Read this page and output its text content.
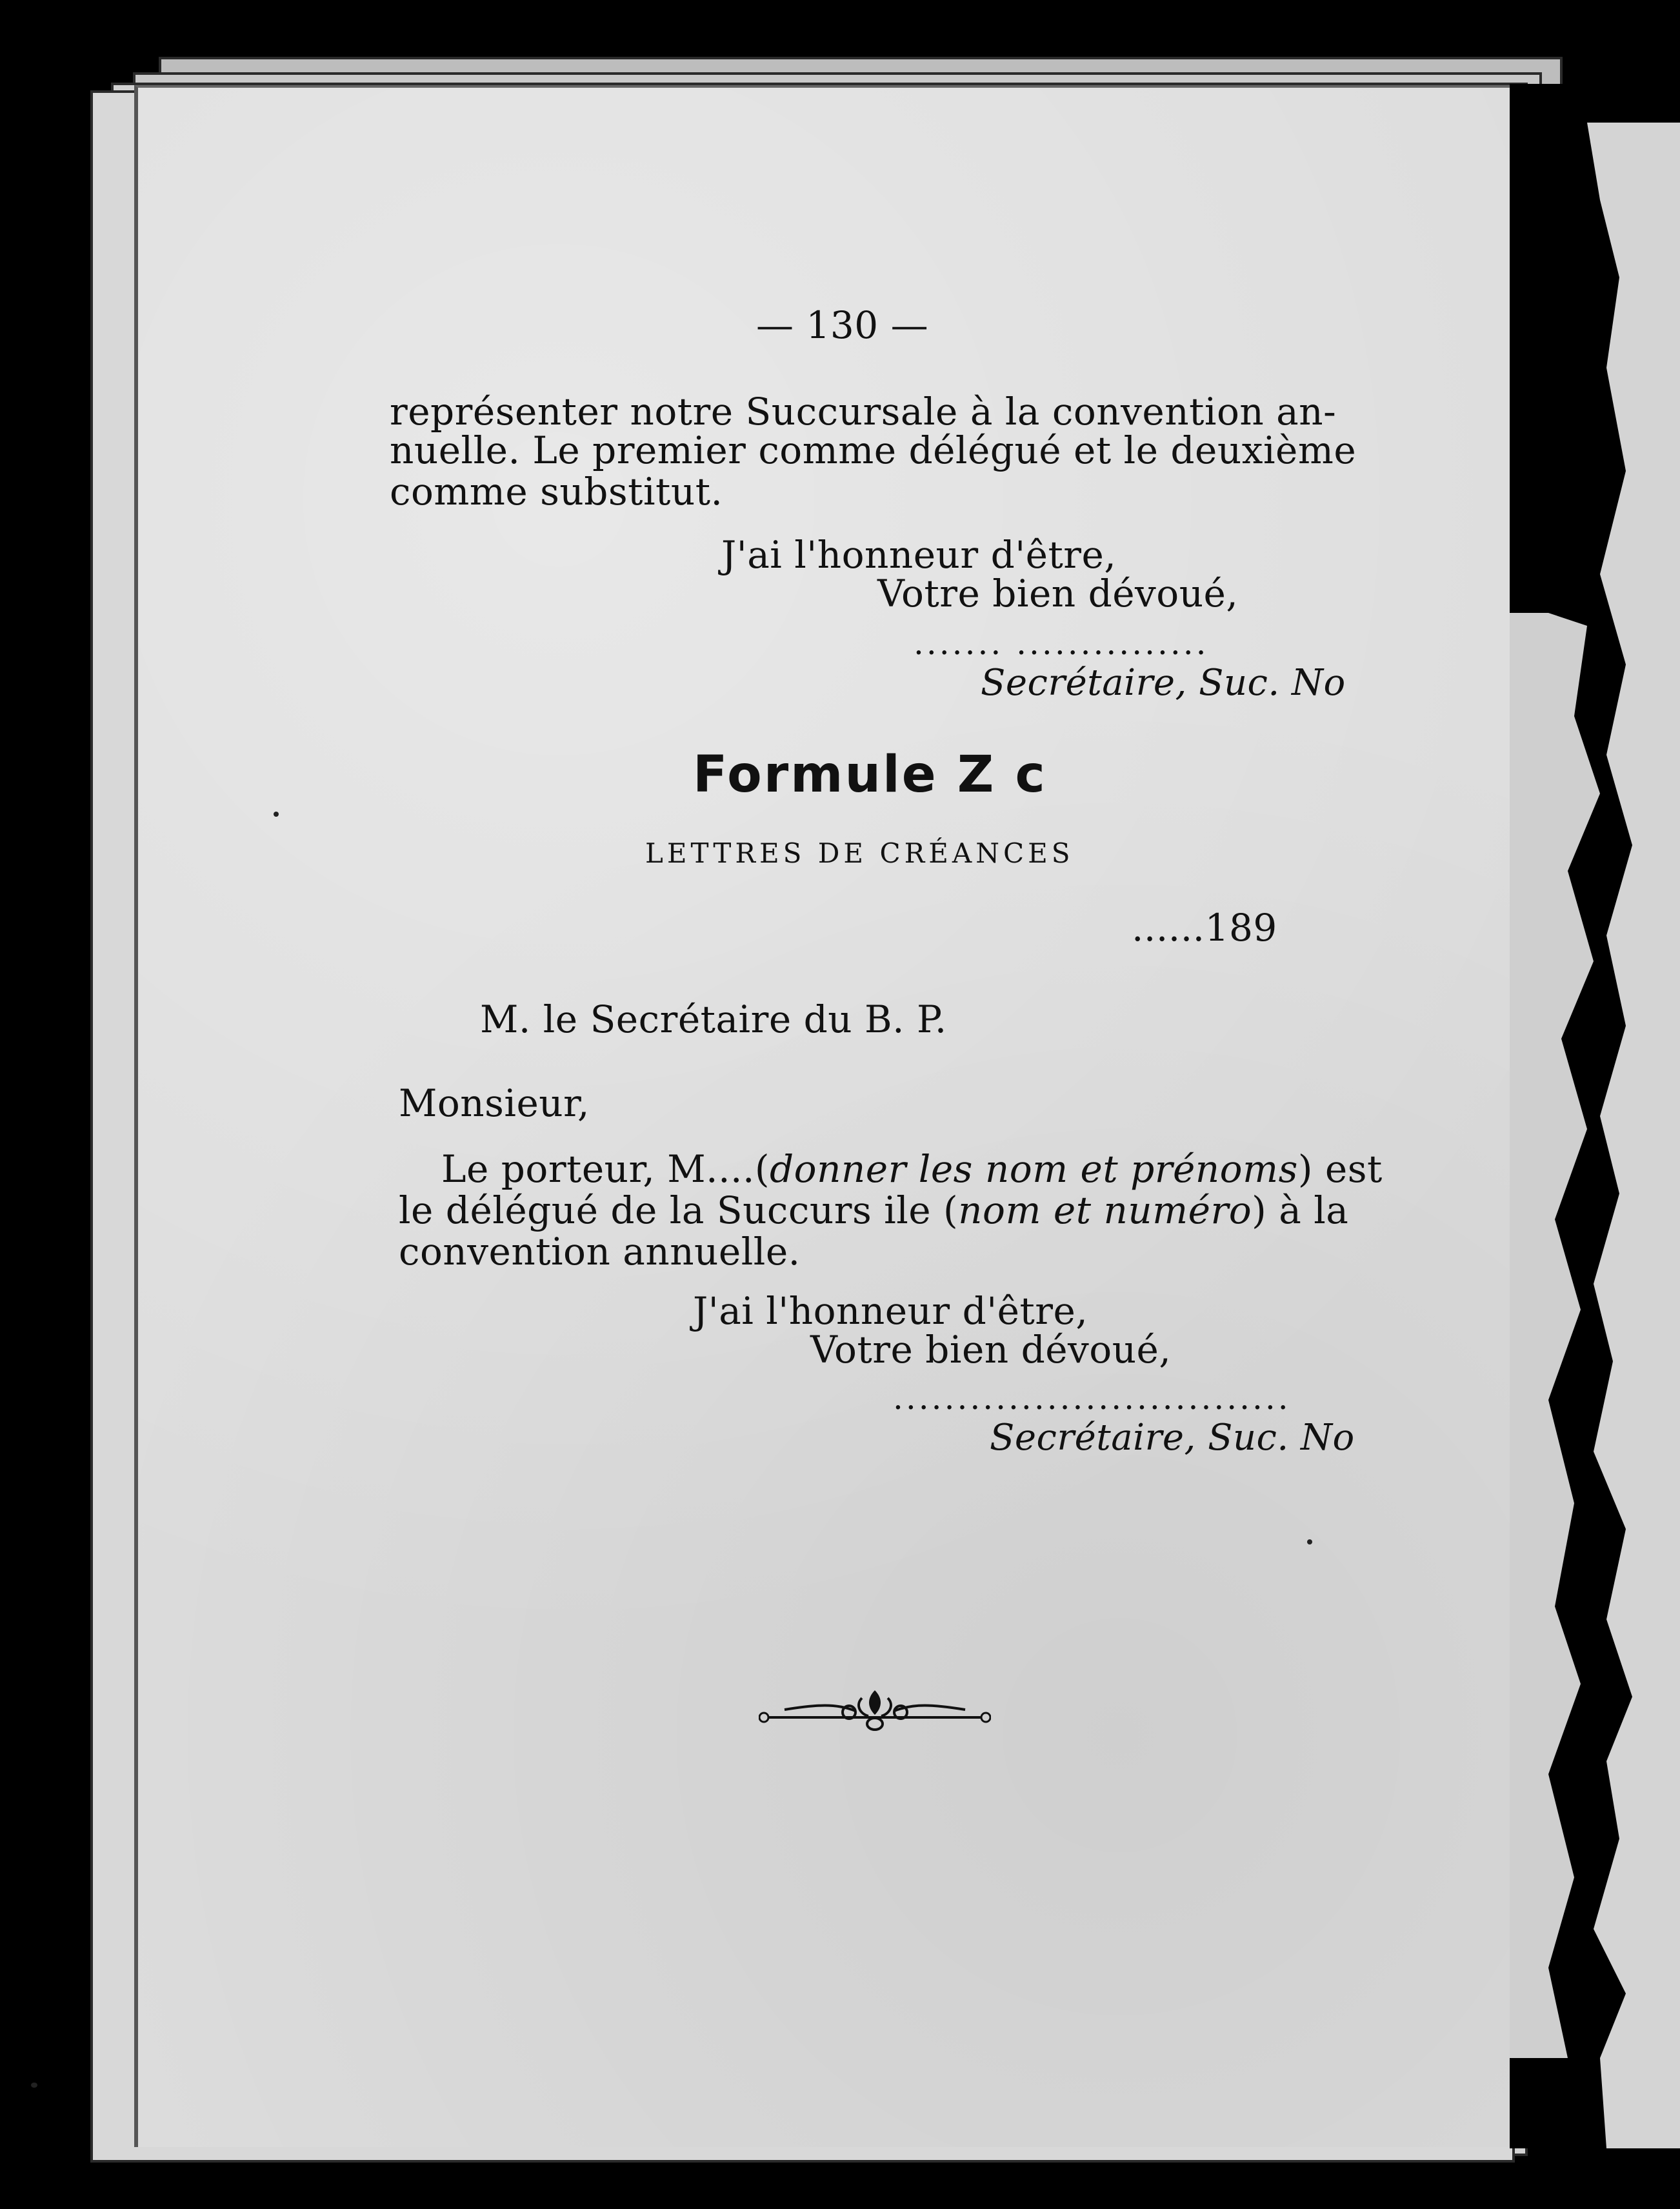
— 130 —
représenter notre Succursale à la convention an-
nuelle. Le premier comme délégué et le deuxième
comme substitut.
J'ai l'honneur d'être,
Votre bien dévoué,
....... ...............
Secrétaire, Suc. No
Formule Z c
LETTRES DE CRÉANCES
......189
M. le Secrétaire du B. P.
Monsieur,
Le porteur, M....(donner les nom et prénoms) est
le délégué de la Succurs ile (nom et numéro) à la
convention annuelle.
J'ai l'honneur d'être,
Votre bien dévoué,
...............................
Secrétaire, Suc. No
